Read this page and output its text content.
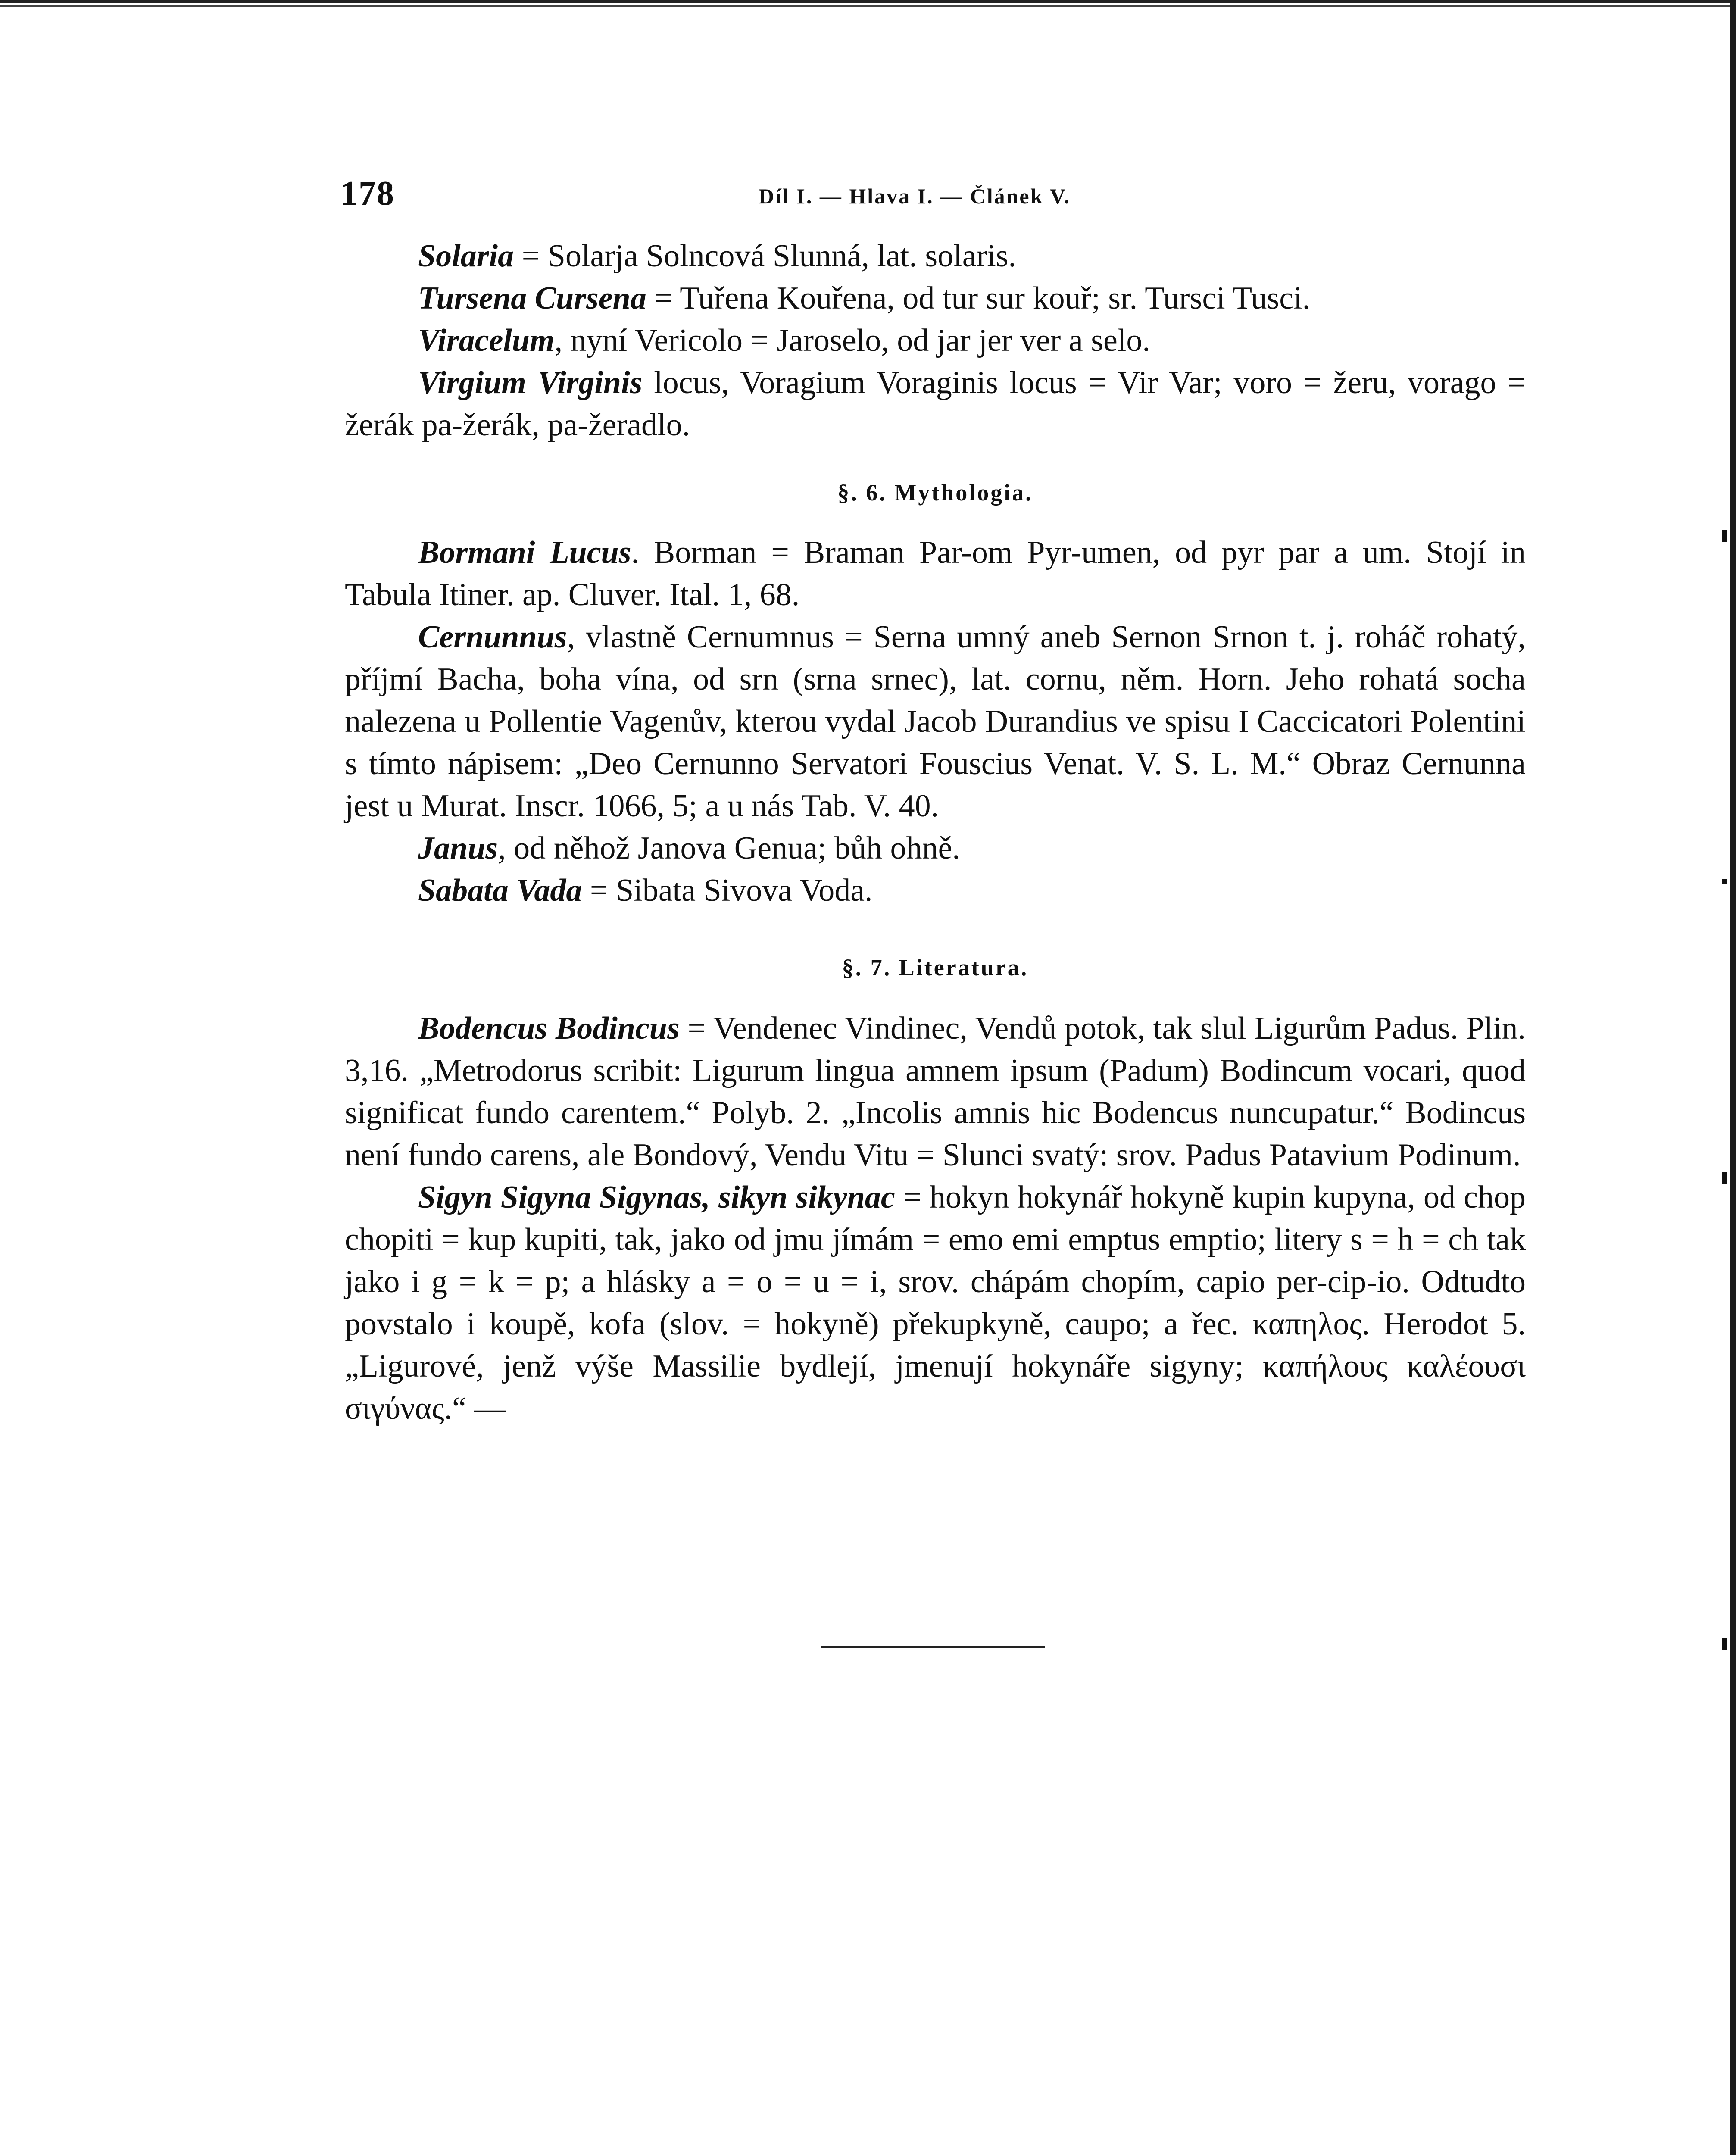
178	Díl I. — Hlava I. — Článek V.

Solaria = Solarja Solncová Slunná, lat. solaris.

Tursena Cursena = Tuřena Kouřena, od tur sur kouř; sr. Tursci Tusci.

Viracelum, nyní Vericolo = Jaroselo, od jar jer ver a selo.

Virgium Virginis locus, Voragium Voraginis locus = Vir Var; voro = žeru, vorago = žerák pa-žerák, pa-žeradlo.

§. 6. Mythologia.

Bormani Lucus. Borman = Braman Par-om Pyr-umen, od pyr par a um. Stojí in Tabula Itiner. ap. Cluver. Ital. 1, 68.

Cernunnus, vlastně Cernumnus = Serna umný aneb Sernon Srnon t. j. roháč rohatý, příjmí Bacha, boha vína, od srn (srna srnec), lat. cornu, něm. Horn. Jeho rohatá socha nalezena u Pollentie Vagenův, kterou vydal Jacob Durandius ve spisu I Caccicatori Polentini s tímto nápisem: „Deo Cernunno Servatori Fouscius Venat. V. S. L. M.“ Obraz Cernunna jest u Murat. Inscr. 1066, 5; a u nás Tab. V. 40.

Janus, od něhož Janova Genua; bůh ohně.

Sabata Vada = Sibata Sivova Voda.

§. 7. Literatura.

Bodencus Bodincus = Vendenec Vindinec, Vendů potok, tak slul Ligurům Padus. Plin. 3,16. „Metrodorus scribit: Ligurum lingua amnem ipsum (Padum) Bodincum vocari, quod significat fundo carentem.“ Polyb. 2. „Incolis amnis hic Bodencus nuncupatur.“ Bodincus není fundo carens, ale Bondový, Vendu Vitu = Slunci svatý: srov. Padus Patavium Podinum.

Sigyn Sigyna Sigynas, sikyn sikynac = hokyn hokynář hokyně kupin kupyna, od chop chopiti = kup kupiti, tak, jako od jmu jímám = emo emi emptus emptio; litery s = h = ch tak jako i g = k = p; a hlásky a = o = u = i, srov. chápám chopím, capio per-cip-io. Odtudto povstalo i koupě, kofa (slov. = hokyně) překupkyně, caupo; a řec. καπηλος. Herodot 5. „Ligurové, jenž výše Massilie bydlejí, jmenují hokynáře sigyny; καπήλους καλέουσι σιγύνας.“ —
